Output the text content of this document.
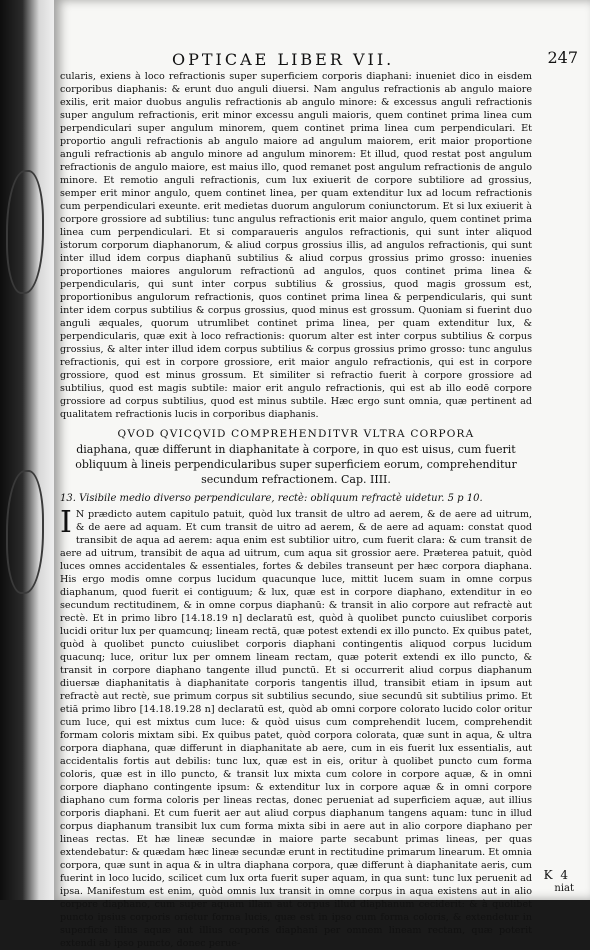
OPTICAE LIBER VII.	247

cularis, exiens à loco refractionis super superficiem corporis diaphani: inueniet dico in eisdem corporibus diaphanis: & erunt duo anguli diuersi. Nam angulus refractionis ab angulo maiore exilis, erit maior duobus angulis refractionis ab angulo minore: & excessus anguli refractionis super angulum refractionis, erit minor excessu anguli maioris, quem continet prima linea cum perpendiculari super angulum minorem, quem continet prima linea cum perpendiculari. Et proportio anguli refractionis ab angulo maiore ad angulum maiorem, erit maior proportione anguli refractionis ab angulo minore ad angulum minorem: Et illud, quod restat post angulum refractionis de angulo maiore, est maius illo, quod remanet post angulum refractionis de angulo minore. Et remotio anguli refractionis, cum lux exiuerit de corpore subtiliore ad grossius, semper erit minor angulo, quem continet linea, per quam extenditur lux ad locum refractionis cum perpendiculari exeunte. erit medietas duorum angulorum coniunctorum. Et si lux exiuerit à corpore grossiore ad subtilius: tunc angulus refractionis erit maior angulo, quem continet prima linea cum perpendiculari. Et si comparaueris angulos refractionis, qui sunt inter aliquod istorum corporum diaphanorum, & aliud corpus grossius illis, ad angulos refractionis, qui sunt inter illud idem corpus diaphanū subtilius & aliud corpus grossius primo grosso: inuenies proportiones maiores angulorum refractionū ad angulos, quos continet prima linea & perpendicularis, qui sunt inter corpus subtilius & grossius, quod magis grossum est, proportionibus angulorum refractionis, quos continet prima linea & perpendicularis, qui sunt inter idem corpus subtilius & corpus grossius, quod minus est grossum. Quoniam si fuerint duo anguli æquales, quorum utrumlibet continet prima linea, per quam extenditur lux, & perpendicularis, quæ exit à loco refractionis: quorum alter est inter corpus subtilius & corpus grossius, & alter inter illud idem corpus subtilius & corpus grossius primo grosso: tunc angulus refractionis, qui est in corpore grossiore, erit maior angulo refractionis, qui est in corpore grossiore, quod est minus grossum. Et similiter si refractio fuerit à corpore grossiore ad subtilius, quod est magis subtile: maior erit angulo refractionis, qui est ab illo eodē corpore grossiore ad corpus subtilius, quod est minus subtile. Hæc ergo sunt omnia, quæ pertinent ad qualitatem refractionis lucis in corporibus diaphanis.

QVOD QVICQVID COMPREHENDITVR VLTRA CORPORA
diaphana, quæ differunt in diaphanitate à corpore, in quo est uisus, cum fuerit obliquum à lineis perpendicularibus super superficiem eorum, comprehenditur secundum refractionem. Cap. IIII.

13. Visibile medio diverso perpendiculare, rectè: obliquum refractè uidetur. 5 p 10.

I N prædicto autem capitulo patuit, quòd lux transit de ultro ad aerem, & de aere ad uitrum, & de aere ad aquam. Et cum transit de uitro ad aerem, & de aere ad aquam: constat quod transibit de aqua ad aerem: aqua enim est subtilior uitro, cum fuerit clara: & cum transit de aere ad uitrum, transibit de aqua ad uitrum, cum aqua sit grossior aere. Præterea patuit, quòd luces omnes accidentales & essentiales, fortes & debiles transeunt per hæc corpora diaphana. His ergo modis omne corpus lucidum quacunque luce, mittit lucem suam in omne corpus diaphanum, quod fuerit ei contiguum; & lux, quæ est in corpore diaphano, extenditur in eo secundum rectitudinem, & in omne corpus diaphanū: & transit in alio corpore aut refractè aut rectè. Et in primo libro [14.18.19 n] declaratū est, quòd à quolibet puncto cuiuslibet corporis lucidi oritur lux per quamcunq; lineam rectā, quæ potest extendi ex illo puncto. Ex quibus patet, quòd à quolibet puncto cuiuslibet corporis diaphani contingentis aliquod corpus lucidum quacunq; luce, oritur lux per omnem lineam rectam, quæ poterit extendi ex illo puncto, & transit in corpore diaphano tangente illud punctū. Et si occurrerit aliud corpus diaphanum diuersæ diaphanitatis à diaphanitate corporis tangentis illud, transibit etiam in ipsum aut refractè aut rectè, sue primum corpus sit subtilius secundo, siue secundū sit subtilius primo. Et etiā primo libro [14.18.19.28 n] declaratū est, quòd ab omni corpore colorato lucido color oritur cum luce, qui est mixtus cum luce: & quòd uisus cum comprehendit lucem, comprehendit formam coloris mixtam sibi. Ex quibus patet, quòd corpora colorata, quæ sunt in aqua, & ultra corpora diaphana, quæ differunt in diaphanitate ab aere, cum in eis fuerit lux essentialis, aut accidentalis fortis aut debilis: tunc lux, quæ est in eis, oritur à quolibet puncto cum forma coloris, quæ est in illo puncto, & transit lux mixta cum colore in corpore aquæ, & in omni corpore diaphano contingente ipsum: & extenditur lux in corpore aquæ & in omni corpore diaphano cum forma coloris per lineas rectas, donec perueniat ad superficiem aquæ, aut illius corporis diaphani. Et cum fuerit aer aut aliud corpus diaphanum tangens aquam: tunc in illud corpus diaphanum transibit lux cum forma mixta sibi in aere aut in alio corpore diaphano per lineas rectas. Et hæ lineæ secundæ in maiore parte secabunt primas lineas, per quas extendebatur: & quædam hæc lineæ secundæ erunt in rectitudine primarum linearum. Et omnia corpora, quæ sunt in aqua & in ultra diaphana corpora, quæ differunt à diaphanitate aeris, cum fuerint in loco lucido, scilicet cum lux orta fuerit super aquam, in qua sunt: tunc lux peruenit ad ipsa. Manifestum est enim, quòd omnis lux transit in omne corpus in aqua existens aut in alio corpore diaphano, cum super aquam illam aut corpus illud diaphanum ceciderit: & à quolibet puncto ipsius corporis orietur forma lucis, quæ est in ipso cum forma coloris, & extendetur in superficie illius aquæ aut illius corporis diaphani per omnem lineam rectam, quæ poterit extendi ab ipso puncto, donec perue-

K 4
niat
